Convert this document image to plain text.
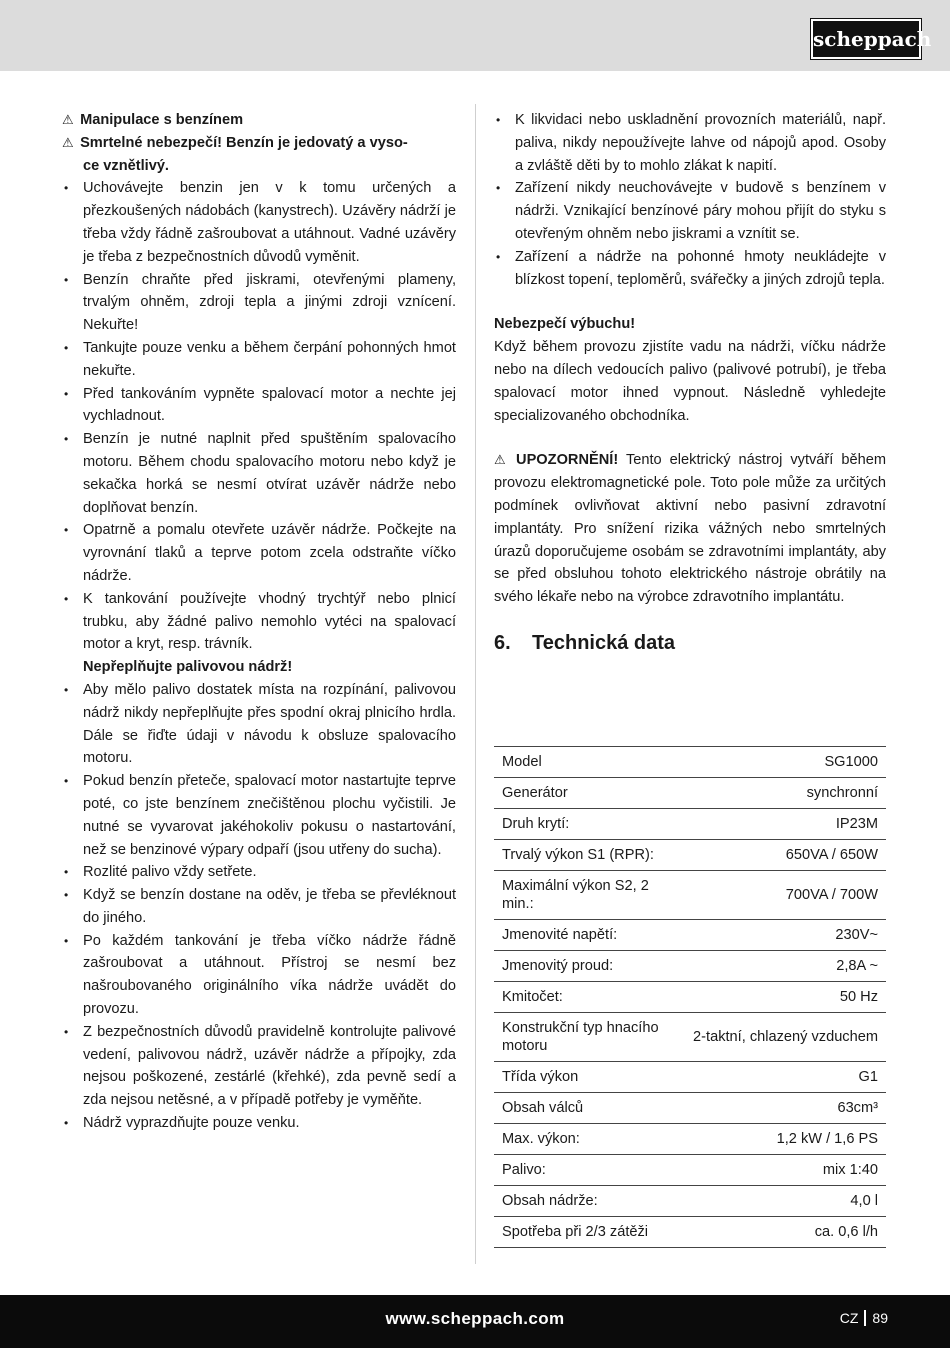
scheppach

⚠ Manipulace s benzínem

⚠ Smrtelné nebezpečí! Benzín je jedovatý a vyso-

ce vznětlivý.

• Uchovávejte benzin jen v k tomu určených a přezkoušených nádobách (kanystrech). Uzávěry nádrží je třeba vždy řádně zašroubovat a utáhnout. Vadné uzávěry je třeba z bezpečnostních důvodů vyměnit.

• Benzín chraňte před jiskrami, otevřenými plameny, trvalým ohněm, zdroji tepla a jinými zdroji vznícení. Nekuřte!

• Tankujte pouze venku a během čerpání pohonných hmot nekuřte.

• Před tankováním vypněte spalovací motor a nechte jej vychladnout.

• Benzín je nutné naplnit před spuštěním spalovacího motoru. Během chodu spalovacího motoru nebo když je sekačka horká se nesmí otvírat uzávěr nádrže nebo doplňovat benzín.

• Opatrně a pomalu otevřete uzávěr nádrže. Počkejte na vyrovnání tlaků a teprve potom zcela odstraňte víčko nádrže.

• K tankování používejte vhodný trychtýř nebo plnicí trubku, aby žádné palivo nemohlo vytéci na spalovací motor a kryt, resp. trávník.

Nepřeplňujte palivovou nádrž!

• Aby mělo palivo dostatek místa na rozpínání, palivovou nádrž nikdy nepřeplňujte přes spodní okraj plnicího hrdla. Dále se řiďte údaji v návodu k obsluze spalovacího motoru.

• Pokud benzín přeteče, spalovací motor nastartujte teprve poté, co jste benzínem znečištěnou plochu vyčistili. Je nutné se vyvarovat jakéhokoliv pokusu o nastartování, než se benzinové výpary odpaří (jsou utřeny do sucha).

• Rozlité palivo vždy setřete.

• Když se benzín dostane na oděv, je třeba se převléknout do jiného.

• Po každém tankování je třeba víčko nádrže řádně zašroubovat a utáhnout. Přístroj se nesmí bez našroubovaného originálního víka nádrže uvádět do provozu.

• Z bezpečnostních důvodů pravidelně kontrolujte palivové vedení, palivovou nádrž, uzávěr nádrže a přípojky, zda nejsou poškozené, zestárlé (křehké), zda pevně sedí a zda nejsou netěsné, a v případě potřeby je vyměňte.

• Nádrž vyprazdňujte pouze venku.

• K likvidaci nebo uskladnění provozních materiálů, např. paliva, nikdy nepoužívejte lahve od nápojů apod. Osoby a zvláště děti by to mohlo zlákat k napití.

• Zařízení nikdy neuchovávejte v budově s benzínem v nádrži. Vznikající benzínové páry mohou přijít do styku s otevřeným ohněm nebo jiskrami a vznítit se.

• Zařízení a nádrže na pohonné hmoty neukládejte v blízkost topení, teploměrů, svářečky a jiných zdrojů tepla.

Nebezpečí výbuchu!

Když během provozu zjistíte vadu na nádrži, víčku nádrže nebo na dílech vedoucích palivo (palivové potrubí), je třeba spalovací motor ihned vypnout. Následně vyhledejte specializovaného obchodníka.

⚠ UPOZORNĚNÍ! Tento elektrický nástroj vytváří během provozu elektromagnetické pole. Toto pole může za určitých podmínek ovlivňovat aktivní nebo pasivní zdravotní implantáty. Pro snížení rizika vážných nebo smrtelných úrazů doporučujeme osobám se zdravotními implantáty, aby se před obsluhou tohoto elektrického nástroje obrátily na svého lékaře nebo na výrobce zdravotního implantátu.

6. Technická data

Model	SG1000
Generátor	synchronní
Druh krytí:	IP23M
Trvalý výkon S1 (RPR):	650VA / 650W
Maximální výkon S2, 2 min.:	700VA / 700W
Jmenovité napětí:	230V~
Jmenovitý proud:	2,8A ~
Kmitočet:	50 Hz
Konstrukční typ hnacího motoru	2-taktní, chlazený vzduchem
Třída výkon	G1
Obsah válců	63cm³
Max. výkon:	1,2 kW / 1,6 PS
Palivo:	mix 1:40
Obsah nádrže:	4,0 l
Spotřeba při 2/3 zátěži	ca. 0,6 l/h
www.scheppach.com	CZ 89
